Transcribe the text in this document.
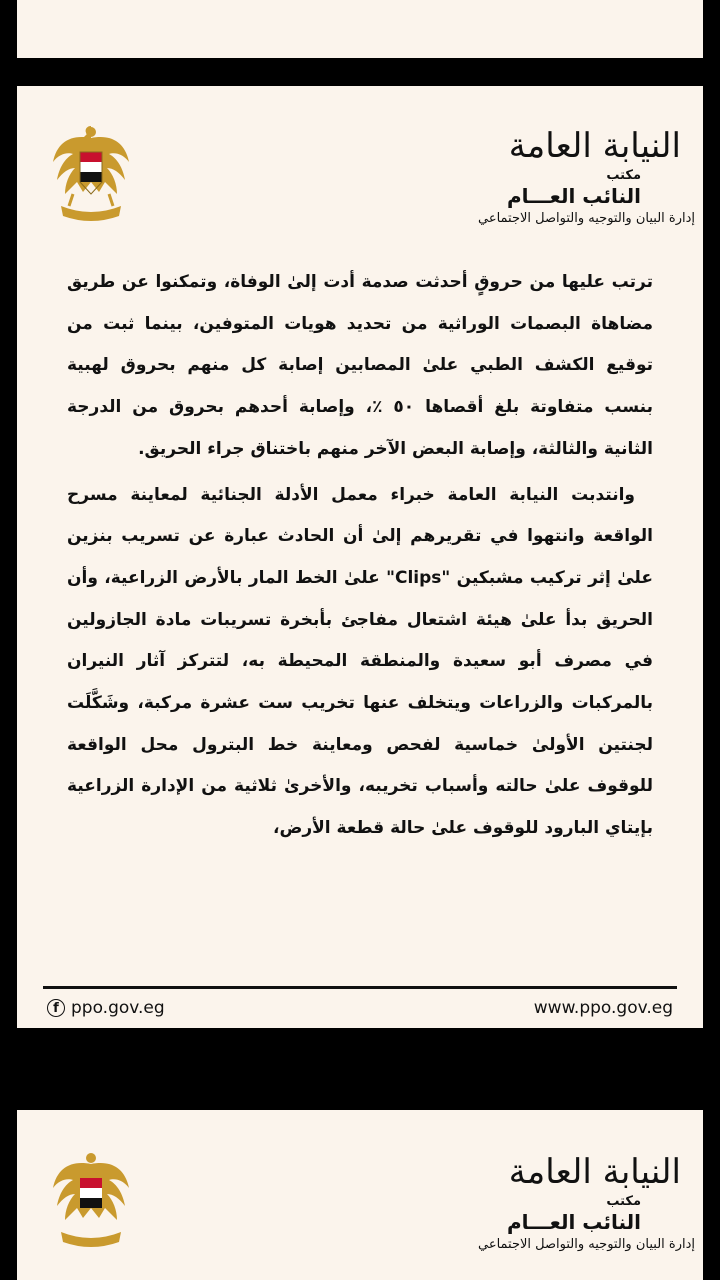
النيابة العامة
مكتب
النائب العـــام
إدارة البيان والتوجيه والتواصل الاجتماعي

ترتب عليها من حروقٍ أحدثت صدمة أدت إلىٰ الوفاة، وتمكنوا عن طريق مضاهاة البصمات الوراثية من تحديد هويات المتوفين، بينما ثبت من توقيع الكشف الطبي علىٰ المصابين إصابة كل منهم بحروق لهبية بنسب متفاوتة بلغ أقصاها ٥٠ ٪، وإصابة أحدهم بحروق من الدرجة الثانية والثالثة، وإصابة البعض الآخر منهم باختناق جراء الحريق.

وانتدبت النيابة العامة خبراء معمل الأدلة الجنائية لمعاينة مسرح الواقعة وانتهوا في تقريرهم إلىٰ أن الحادث عبارة عن تسريب بنزين علىٰ إثر تركيب مشبكين "Clips" علىٰ الخط المار بالأرض الزراعية، وأن الحريق بدأ علىٰ هيئة اشتعال مفاجئ بأبخرة تسريبات مادة الجازولين في مصرف أبو سعيدة والمنطقة المحيطة به، لتتركز آثار النيران بالمركبات والزراعات ويتخلف عنها تخريب ست عشرة مركبة، وشَكَّلَت لجنتين الأولىٰ خماسية لفحص ومعاينة خط البترول محل الواقعة للوقوف علىٰ حالته وأسباب تخريبه، والأخرىٰ ثلاثية من الإدارة الزراعية بإيتاي البارود للوقوف علىٰ حالة قطعة الأرض،

f ppo.gov.eg	www.ppo.gov.eg
النيابة العامة
مكتب
النائب العـــام
إدارة البيان والتوجيه والتواصل الاجتماعي
